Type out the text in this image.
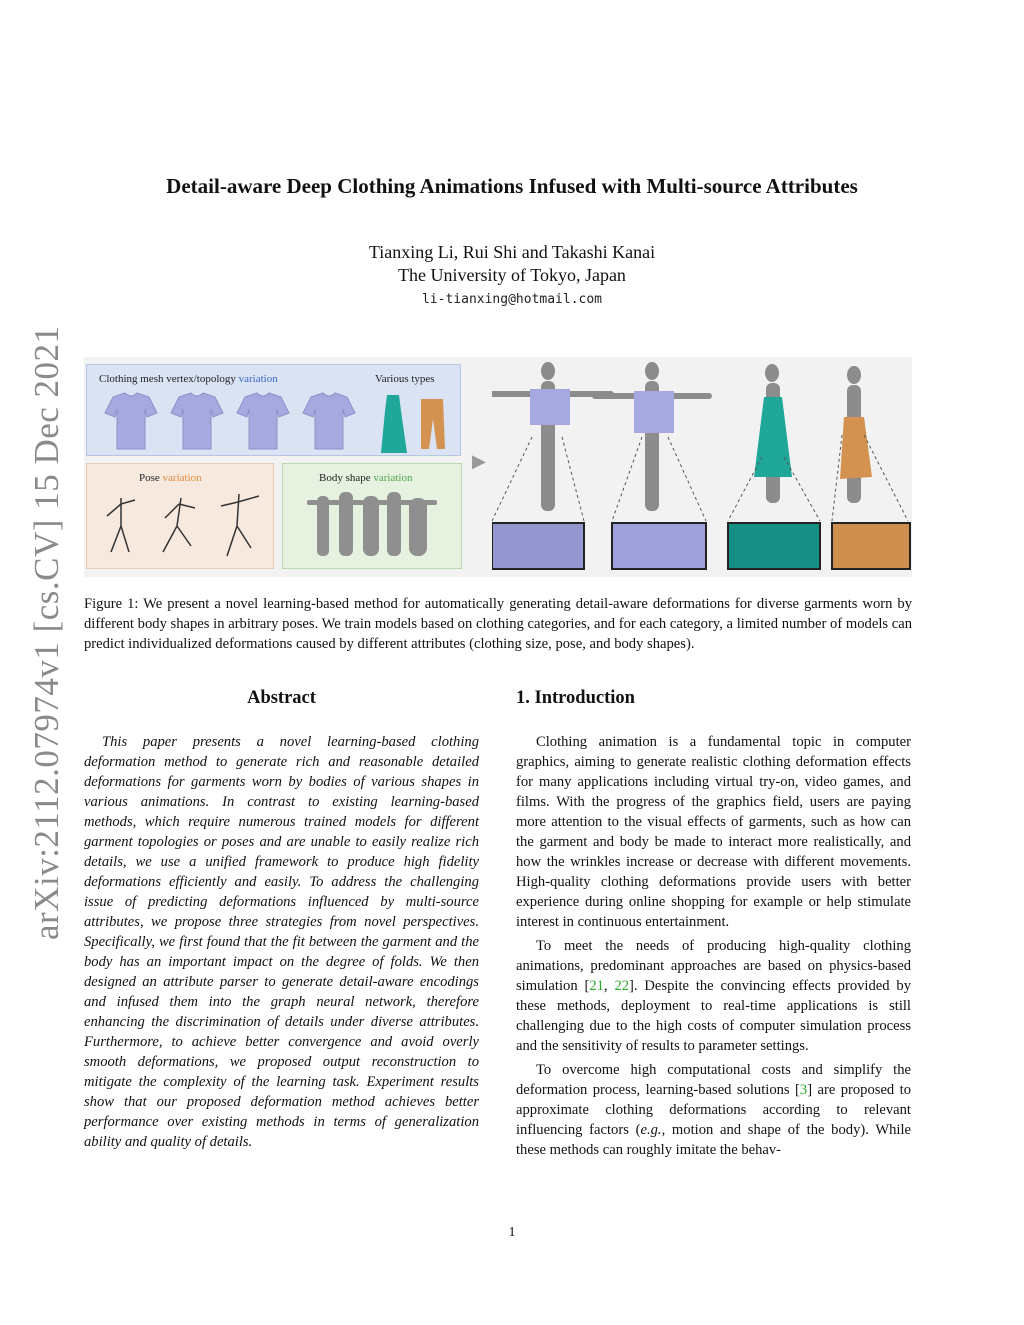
arXiv:2112.07974v1 [cs.CV] 15 Dec 2021
Detail-aware Deep Clothing Animations Infused with Multi-source Attributes
Tianxing Li, Rui Shi and Takashi Kanai
The University of Tokyo, Japan
li-tianxing@hotmail.com
Clothing mesh vertex/topology variation	Various types
Pose variation	Body shape variation
▶
Figure 1: We present a novel learning-based method for automatically generating detail-aware deformations for diverse garments worn by different body shapes in arbitrary poses. We train models based on clothing categories, and for each category, a limited number of models can predict individualized deformations caused by different attributes (clothing size, pose, and body shapes).
Abstract
This paper presents a novel learning-based clothing deformation method to generate rich and reasonable detailed deformations for garments worn by bodies of various shapes in various animations. In contrast to existing learning-based methods, which require numerous trained models for different garment topologies or poses and are unable to easily realize rich details, we use a unified framework to produce high fidelity deformations efficiently and easily. To address the challenging issue of predicting deformations influenced by multi-source attributes, we propose three strategies from novel perspectives. Specifically, we first found that the fit between the garment and the body has an important impact on the degree of folds. We then designed an attribute parser to generate detail-aware encodings and infused them into the graph neural network, therefore enhancing the discrimination of details under diverse attributes. Furthermore, to achieve better convergence and avoid overly smooth deformations, we proposed output reconstruction to mitigate the complexity of the learning task. Experiment results show that our proposed deformation method achieves better performance over existing methods in terms of generalization ability and quality of details.
1. Introduction

Clothing animation is a fundamental topic in computer graphics, aiming to generate realistic clothing deformation effects for many applications including virtual try-on, video games, and films. With the progress of the graphics field, users are paying more attention to the visual effects of garments, such as how can the garment and body be made to interact more realistically, and how the wrinkles increase or decrease with different movements. High-quality clothing deformations provide users with better experience during online shopping for example or help stimulate interest in continuous entertainment.

To meet the needs of producing high-quality clothing animations, predominant approaches are based on physics-based simulation [21, 22]. Despite the convincing effects provided by these methods, deployment to real-time applications is still challenging due to the high costs of computer simulation process and the sensitivity of results to parameter settings.

To overcome high computational costs and simplify the deformation process, learning-based solutions [3] are proposed to approximate clothing deformations according to relevant influencing factors (e.g., motion and shape of the body). While these methods can roughly imitate the behav-

1
